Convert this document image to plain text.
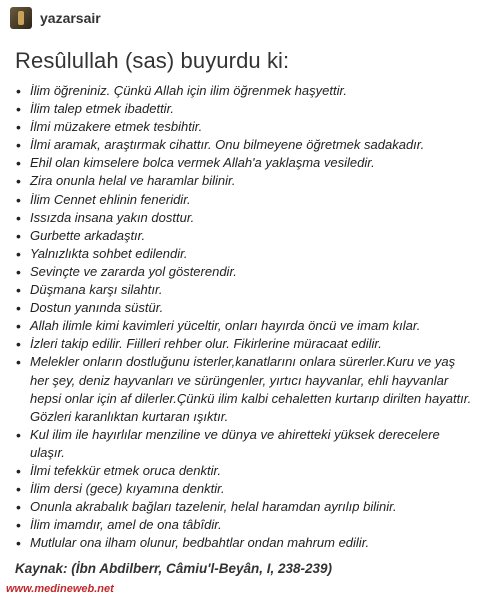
yazarsair
Resûlullah (sas) buyurdu ki:
• İlim öğreniniz. Çünkü Allah için ilim öğrenmek haşyettir.
• İlim talep etmek ibadettir.
• İlmi müzakere etmek tesbihtir.
• İlmi aramak, araştırmak cihattır. Onu bilmeyene öğretmek sadakadır.
• Ehil olan kimselere bolca vermek Allah'a yaklaşma vesiledir.
• Zira onunla helal ve haramlar bilinir.
• İlim Cennet ehlinin feneridir.
• Issızda insana yakın dosttur.
• Gurbette arkadaştır.
• Yalnızlıkta sohbet edilendir.
• Sevinçte ve zararda yol gösterendir.
• Düşmana karşı silahtır.
• Dostun yanında süstür.
• Allah ilimle kimi kavimleri yüceltir, onları hayırda öncü ve imam kılar.
• İzleri takip edilir. Fiilleri rehber olur. Fikirlerine müracaat edilir.
• Melekler onların dostluğunu isterler,kanatlarını onlara sürerler.Kuru ve yaş her şey, deniz hayvanları ve sürüngenler, yırtıcı hayvanlar, ehli hayvanlar hepsi onlar için af dilerler.Çünkü ilim kalbi cehaletten kurtarıp dirilten hayattır. Gözleri karanlıktan kurtaran ışıktır.
• Kul ilim ile hayırlılar menziline ve dünya ve ahiretteki yüksek derecelere ulaşır.
• İlmi tefekkür etmek oruca denktir.
• İlim dersi (gece) kıyamına denktir.
• Onunla akrabalık bağları tazelenir, helal haramdan ayrılıp bilinir.
• İlim imamdır, amel de ona tâbîdir.
• Mutlular ona ilham olunur, bedbahtlar ondan mahrum edilir.
Kaynak: (İbn Abdilberr, Câmiu'l-Beyân, I, 238-239)
www.medineweb.net
